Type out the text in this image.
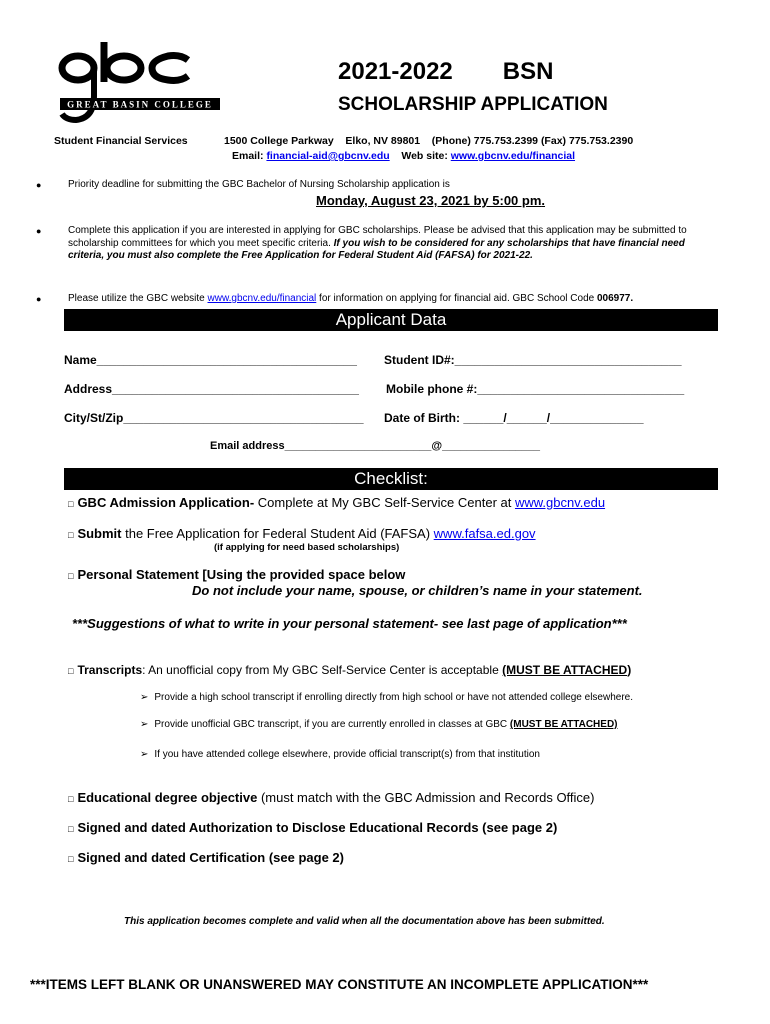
GREAT BASIN COLLEGE
2021-2022 BSN
SCHOLARSHIP APPLICATION
Student Financial Services	1500 College Parkway Elko, NV 89801 (Phone) 775.753.2399 (Fax) 775.753.2390
Email: financial-aid@gbcnv.edu Web site: www.gbcnv.edu/financial
●	Priority deadline for submitting the GBC Bachelor of Nursing Scholarship application is
Monday, August 23, 2021 by 5:00 pm.
●	Complete this application if you are interested in applying for GBC scholarships. Please be advised that this application may be submitted to scholarship committees for which you meet specific criteria. If you wish to be considered for any scholarships that have financial need criteria, you must also complete the Free Application for Federal Student Aid (FAFSA) for 2021-22.
●	Please utilize the GBC website www.gbcnv.edu/financial for information on applying for financial aid. GBC School Code 006977.
Applicant Data
Name_______________________________________ Student ID#:__________________________________
Address_____________________________________ Mobile phone #:_______________________________
City/St/Zip____________________________________ Date of Birth: ______/______/______________
Email address________________________@________________
Checklist:
□ GBC Admission Application- Complete at My GBC Self-Service Center at www.gbcnv.edu
□ Submit the Free Application for Federal Student Aid (FAFSA) www.fafsa.ed.gov
(if applying for need based scholarships)
□ Personal Statement [Using the provided space below
Do not include your name, spouse, or children’s name in your statement.
***Suggestions of what to write in your personal statement- see last page of application***
□ Transcripts: An unofficial copy from My GBC Self-Service Center is acceptable (MUST BE ATTACHED)
➢ Provide a high school transcript if enrolling directly from high school or have not attended college elsewhere.
➢ Provide unofficial GBC transcript, if you are currently enrolled in classes at GBC (MUST BE ATTACHED)
➢ If you have attended college elsewhere, provide official transcript(s) from that institution
□ Educational degree objective (must match with the GBC Admission and Records Office)
□ Signed and dated Authorization to Disclose Educational Records (see page 2)
□ Signed and dated Certification (see page 2)
This application becomes complete and valid when all the documentation above has been submitted.
***ITEMS LEFT BLANK OR UNANSWERED MAY CONSTITUTE AN INCOMPLETE APPLICATION***
